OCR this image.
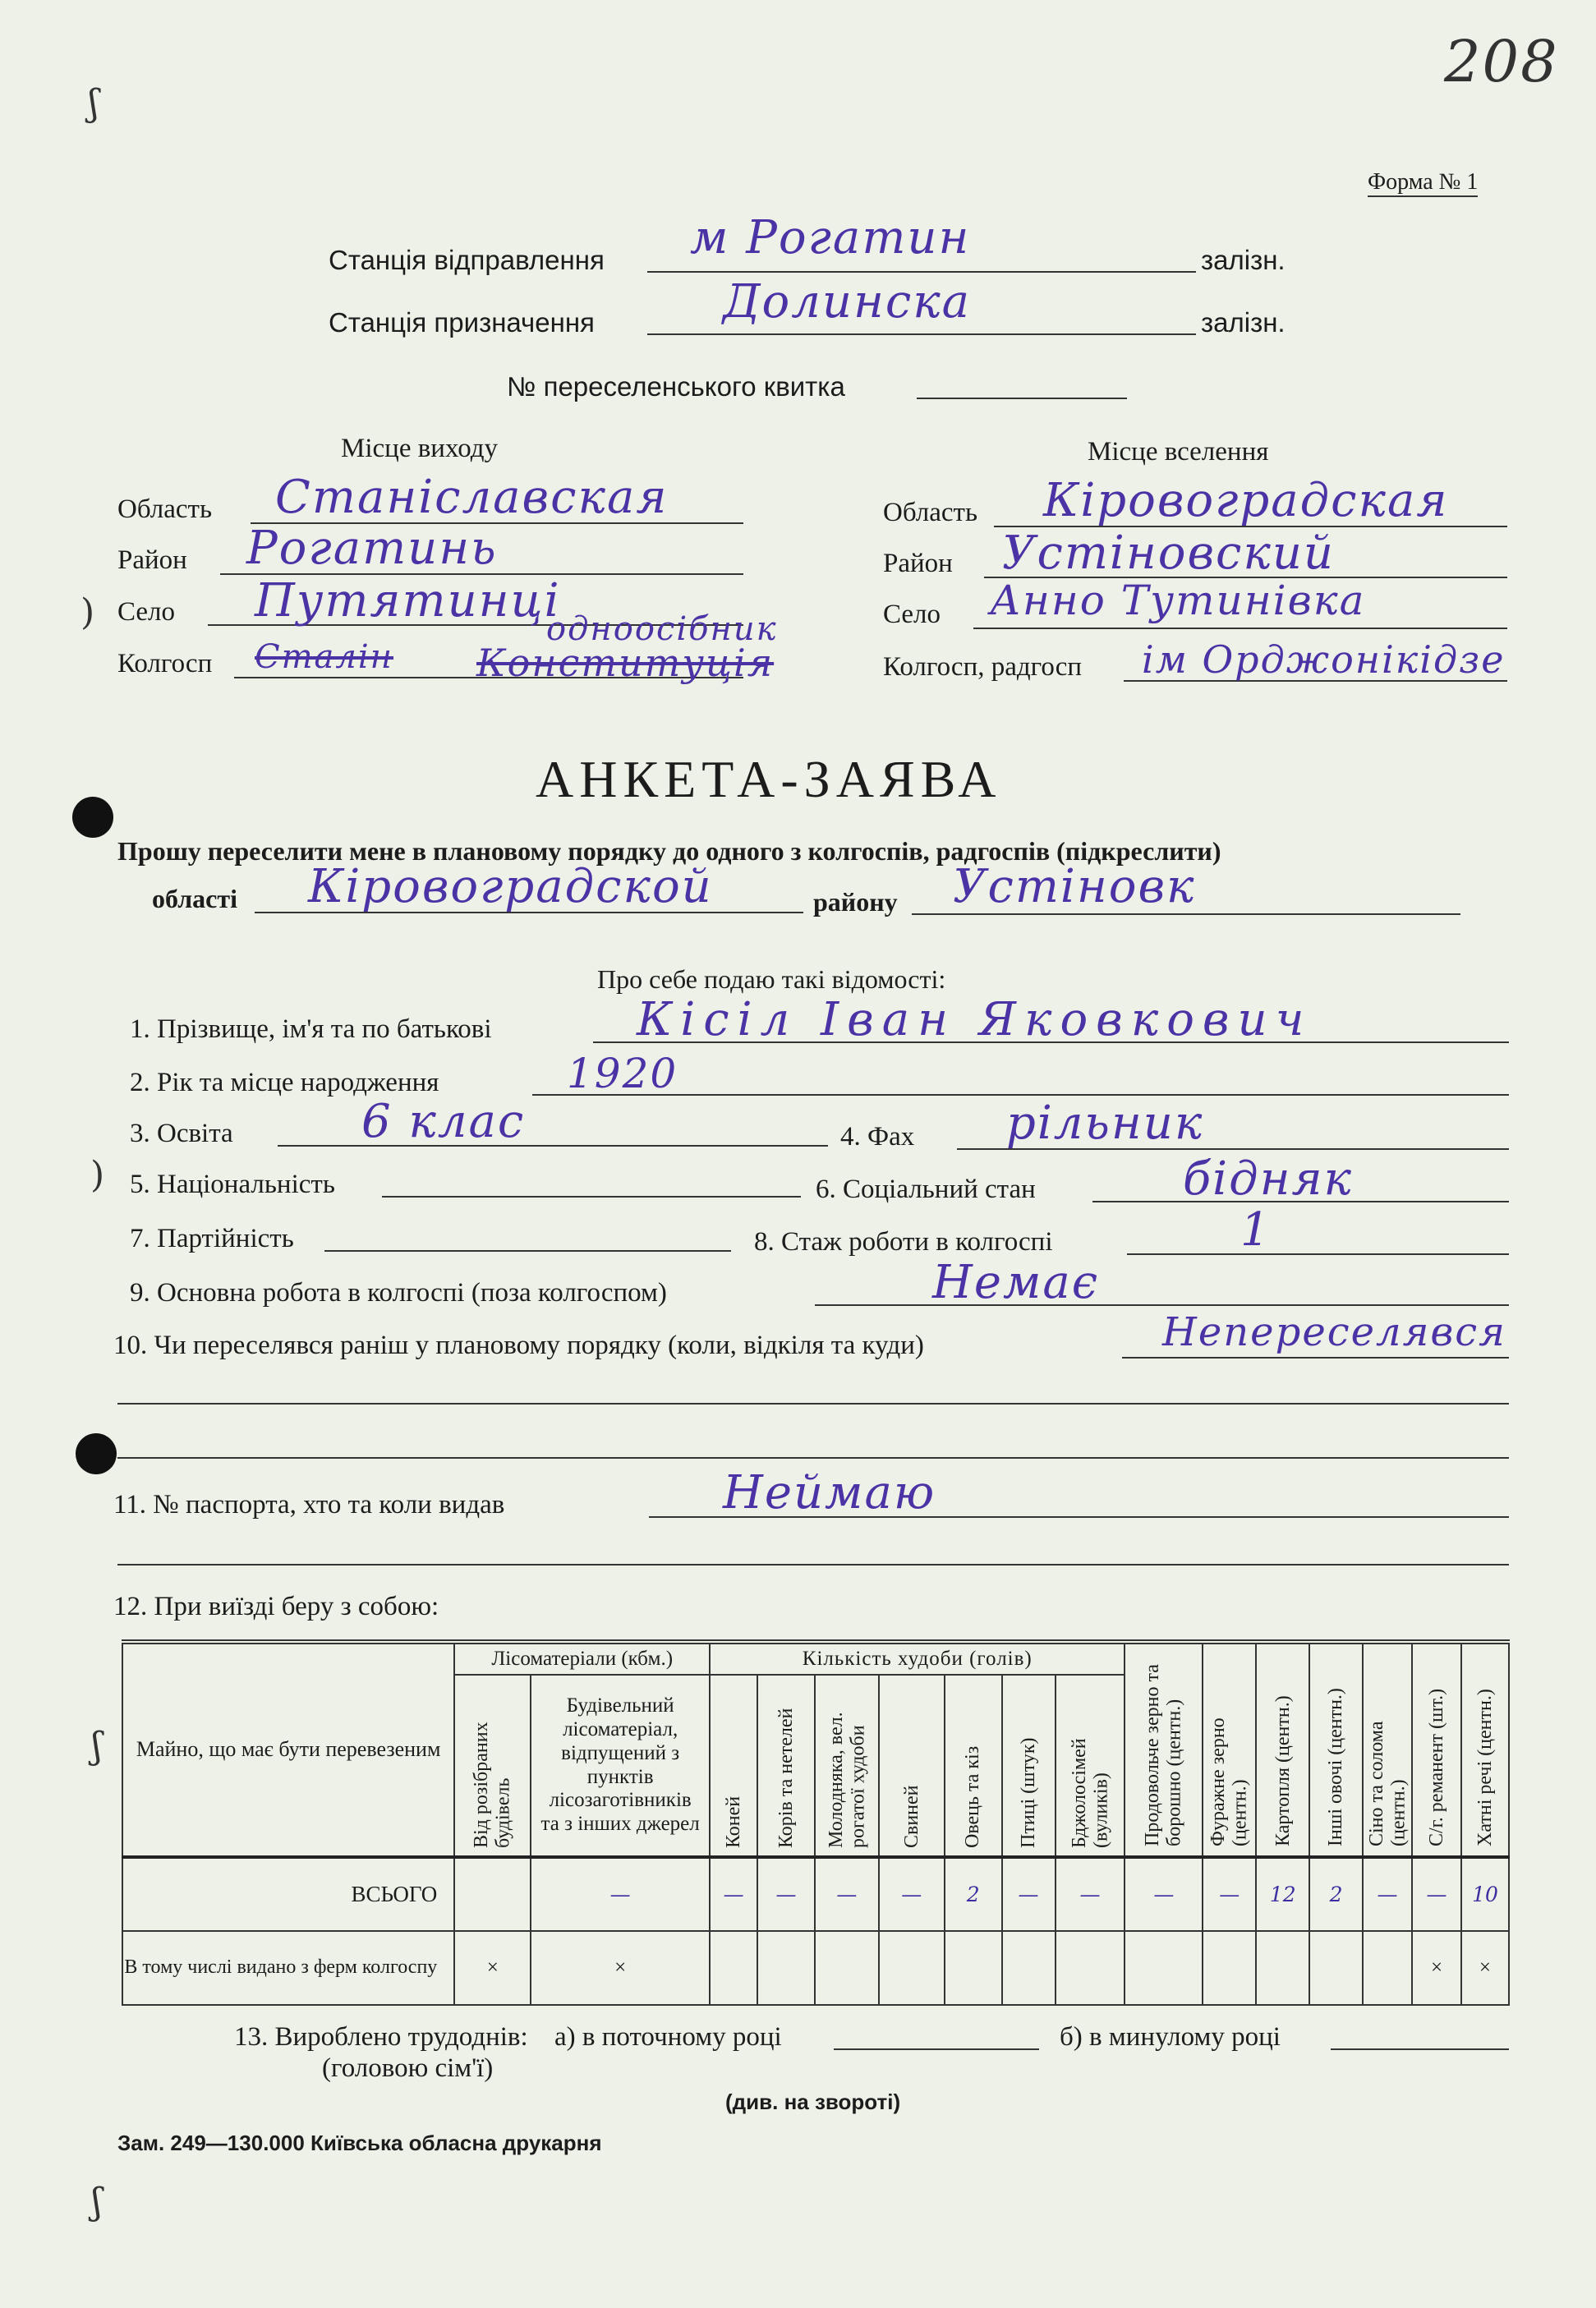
ʃ
)
)
ʃ
ʃ
208
Форма № 1
Станція відправлення м Рогатин	залізн.
Станція призначення	Долинска	залізн.
№ переселенського квитка
Місце виходу
Область Станіславская
Район Рогатинь
Село Путятинці
Колгосп Сталін Конституція
однооcібник
Місце вселення
Область Кіровоградская
Район Устіновский
Село Анно Тутинівка
Колгосп, радгосп ім Орджонікідзе
АНКЕТА-ЗАЯВА
Прошу переселити мене в плановому порядку до одного з колгоспів, радгоспів (підкреслити)
області Кіровоградской	району Устіновк
Про себе подаю такі відомості:
1. Прізвище, ім'я та по батькові	Кісіл Іван Яковкович
2. Рік та місце народження	1920
3. Освіта	6 клас	4. Фах рільник
5. Національність	6. Соціальний стан	бідняк
7. Партійність	8. Стаж роботи в колгоспі	1
9. Основна робота в колгоспі (поза колгоспом)	Немає
10. Чи переселявся раніш у плановому порядку (коли, відкіля та куди)	Непереселявся
11. № паспорта, хто та коли видав	Неймаю
12. При виїзді беру з собою:
Майно, що має бути перевезеним	Лісоматеріали (кбм.)		Кількість худоби (голів)							Продовольче зерно та борошно (центн.)	Фуражне зерно (центн.)	Картопля (центн.)	Інші овочі (центн.)	Сіно та солома (центн.)	С/г. реманент (шт.)	Хатні речі (центн.)

	Від розібраних будівель	Будівельний лісоматеріал, відпущений з пунктів лісозаготівників та з інших джерел	Коней	Корів та нетелей	Молодняка, вел. рогатої худоби	Свиней	Овець та кіз	Птиці (штук)	Бджолосімей (вуликів)							

ВСЬОГО		—	—	—	—	—	2	—	—	—	—	12	2	—	—	10
В тому числі видано з ферм колгоспу	×	×													×	×
13. Вироблено трудоднів:
(головою сім'ї)
а) в поточному році	б) в минулому році
(див. на звороті)
Зам. 249—130.000 Київська обласна друкарня
